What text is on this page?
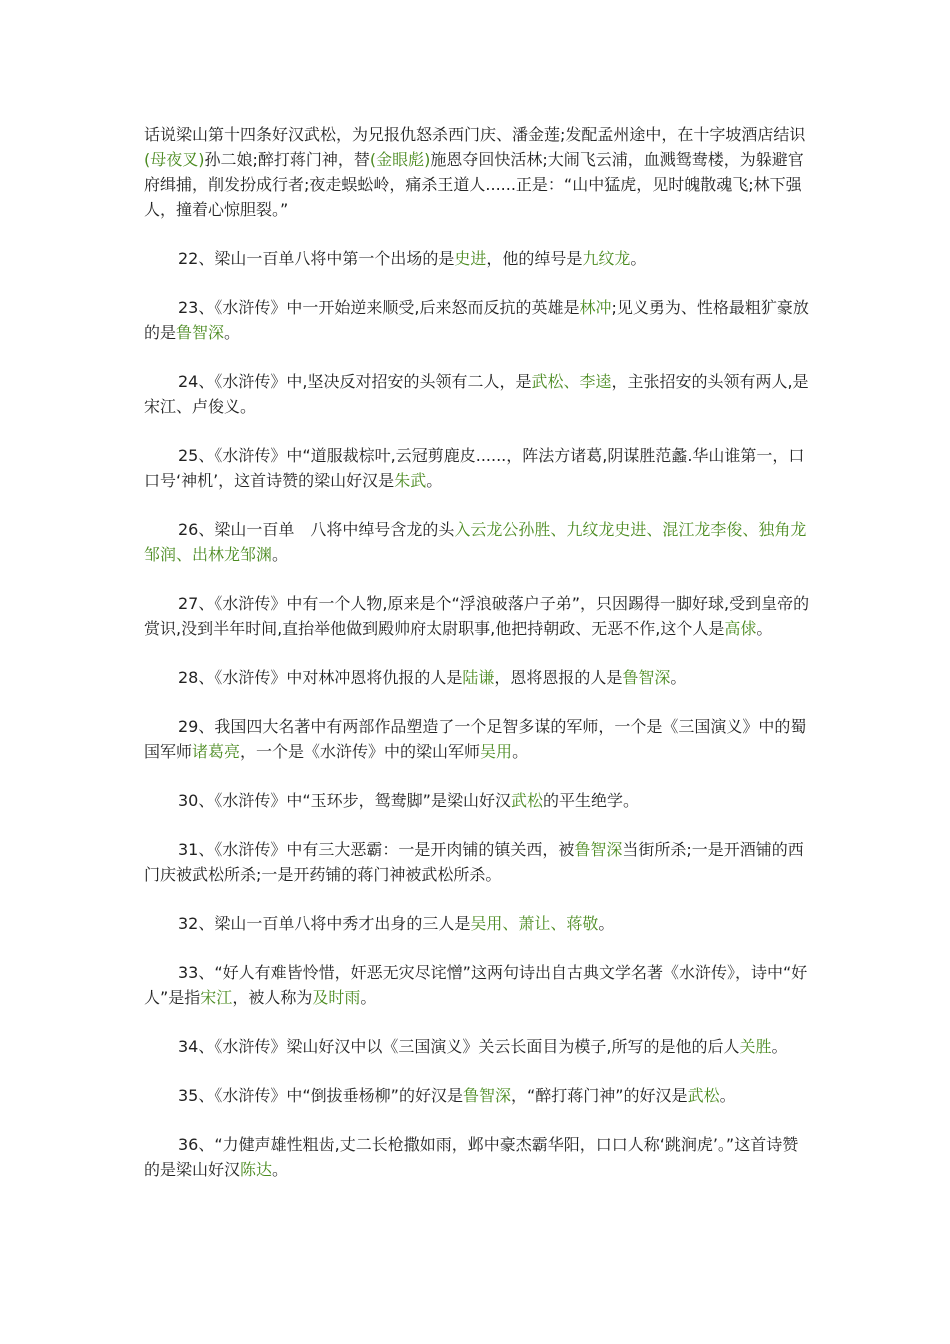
话说梁山第十四条好汉武松，为兄报仇怒杀西门庆、潘金莲;发配孟州途中，在十字坡酒店结识(母夜叉)孙二娘;醉打蒋门神，替(金眼彪)施恩夺回快活林;大闹飞云浦，血溅鸳鸯楼，为躲避官府缉捕，削发扮成行者;夜走蜈蚣岭，痛杀王道人......正是：“山中猛虎，见时魄散魂飞;林下强人，撞着心惊胆裂。”

22、梁山一百单八将中第一个出场的是史进，他的绰号是九纹龙。

23、《水浒传》中一开始逆来顺受,后来怒而反抗的英雄是林冲;见义勇为、性格最粗犷豪放的是鲁智深。

24、《水浒传》中,坚决反对招安的头领有二人，是武松、李逵，主张招安的头领有两人,是宋江、卢俊义。

25、《水浒传》中“道服裁棕叶,云冠剪鹿皮......，阵法方诸葛,阴谋胜范蠡.华山谁第一，口口号‘神机’，这首诗赞的梁山好汉是朱武。

26、梁山一百单　八将中绰号含龙的头入云龙公孙胜、九纹龙史进、混江龙李俊、独角龙邹润、出林龙邹渊。

27、《水浒传》中有一个人物,原来是个“浮浪破落户子弟”，只因踢得一脚好球,受到皇帝的赏识,没到半年时间,直抬举他做到殿帅府太尉职事,他把持朝政、无恶不作,这个人是高俅。

28、《水浒传》中对林冲恩将仇报的人是陆谦，恩将恩报的人是鲁智深。

29、我国四大名著中有两部作品塑造了一个足智多谋的军师，一个是《三国演义》中的蜀国军师诸葛亮，一个是《水浒传》中的梁山军师吴用。

30、《水浒传》中“玉环步，鸳鸯脚”是梁山好汉武松的平生绝学。

31、《水浒传》中有三大恶霸：一是开肉铺的镇关西，被鲁智深当街所杀;一是开酒铺的西门庆被武松所杀;一是开药铺的蒋门神被武松所杀。

32、梁山一百单八将中秀才出身的三人是吴用、萧让、蒋敬。

33、“好人有难皆怜惜，奸恶无灾尽诧憎”这两句诗出自古典文学名著《水浒传》，诗中“好人”是指宋江，被人称为及时雨。

34、《水浒传》梁山好汉中以《三国演义》关云长面目为模子,所写的是他的后人关胜。

35、《水浒传》中“倒拔垂杨柳”的好汉是鲁智深，“醉打蒋门神”的好汉是武松。

36、“力健声雄性粗齿,丈二长枪撒如雨，邺中豪杰霸华阳，口口人称‘跳涧虎’。”这首诗赞的是梁山好汉陈达。
